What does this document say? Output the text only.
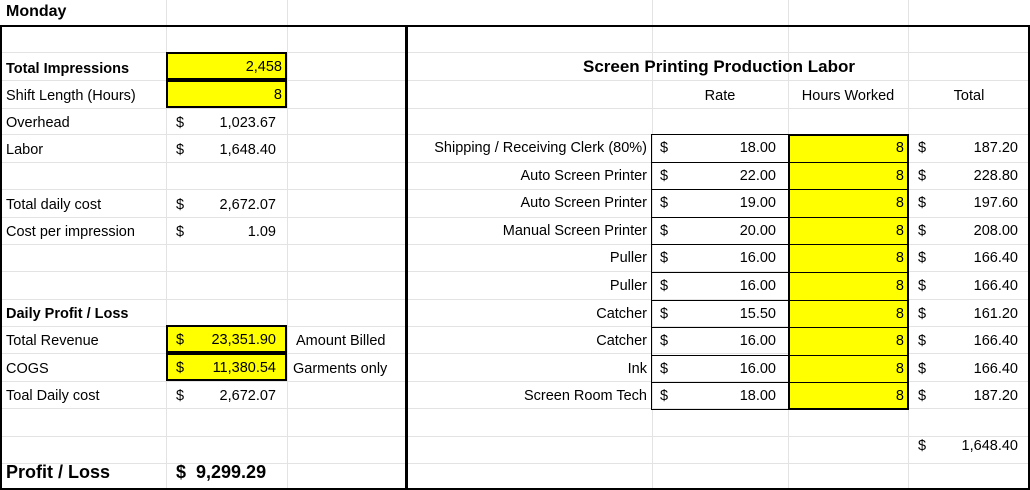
Monday
Total Impressions	2,458
Shift Length (Hours)	8
Overhead	$	1,023.67
Labor	$	1,648.40
Total daily cost	$	2,672.07
Cost per impression	$	1.09
Daily Profit / Loss
Total Revenue	$	23,351.90 Amount Billed
COGS	$	11,380.54 Garments only
Toal Daily cost	$	2,672.07
Profit / Loss	$  9,299.29
Screen Printing Production Labor
Rate	Hours Worked	Total
Shipping / Receiving Clerk (80%) $	18.00	8 $	187.20
Auto Screen Printer $	22.00	8 $	228.80
Auto Screen Printer $	19.00	8 $	197.60
Manual Screen Printer $	20.00	8 $	208.00
Puller $	16.00	8 $	166.40
Puller $	16.00	8 $	166.40
Catcher $	15.50	8 $	161.20
Catcher $	16.00	8 $	166.40
Ink $	16.00	8 $	166.40
Screen Room Tech $	18.00	8 $	187.20
$	1,648.40
